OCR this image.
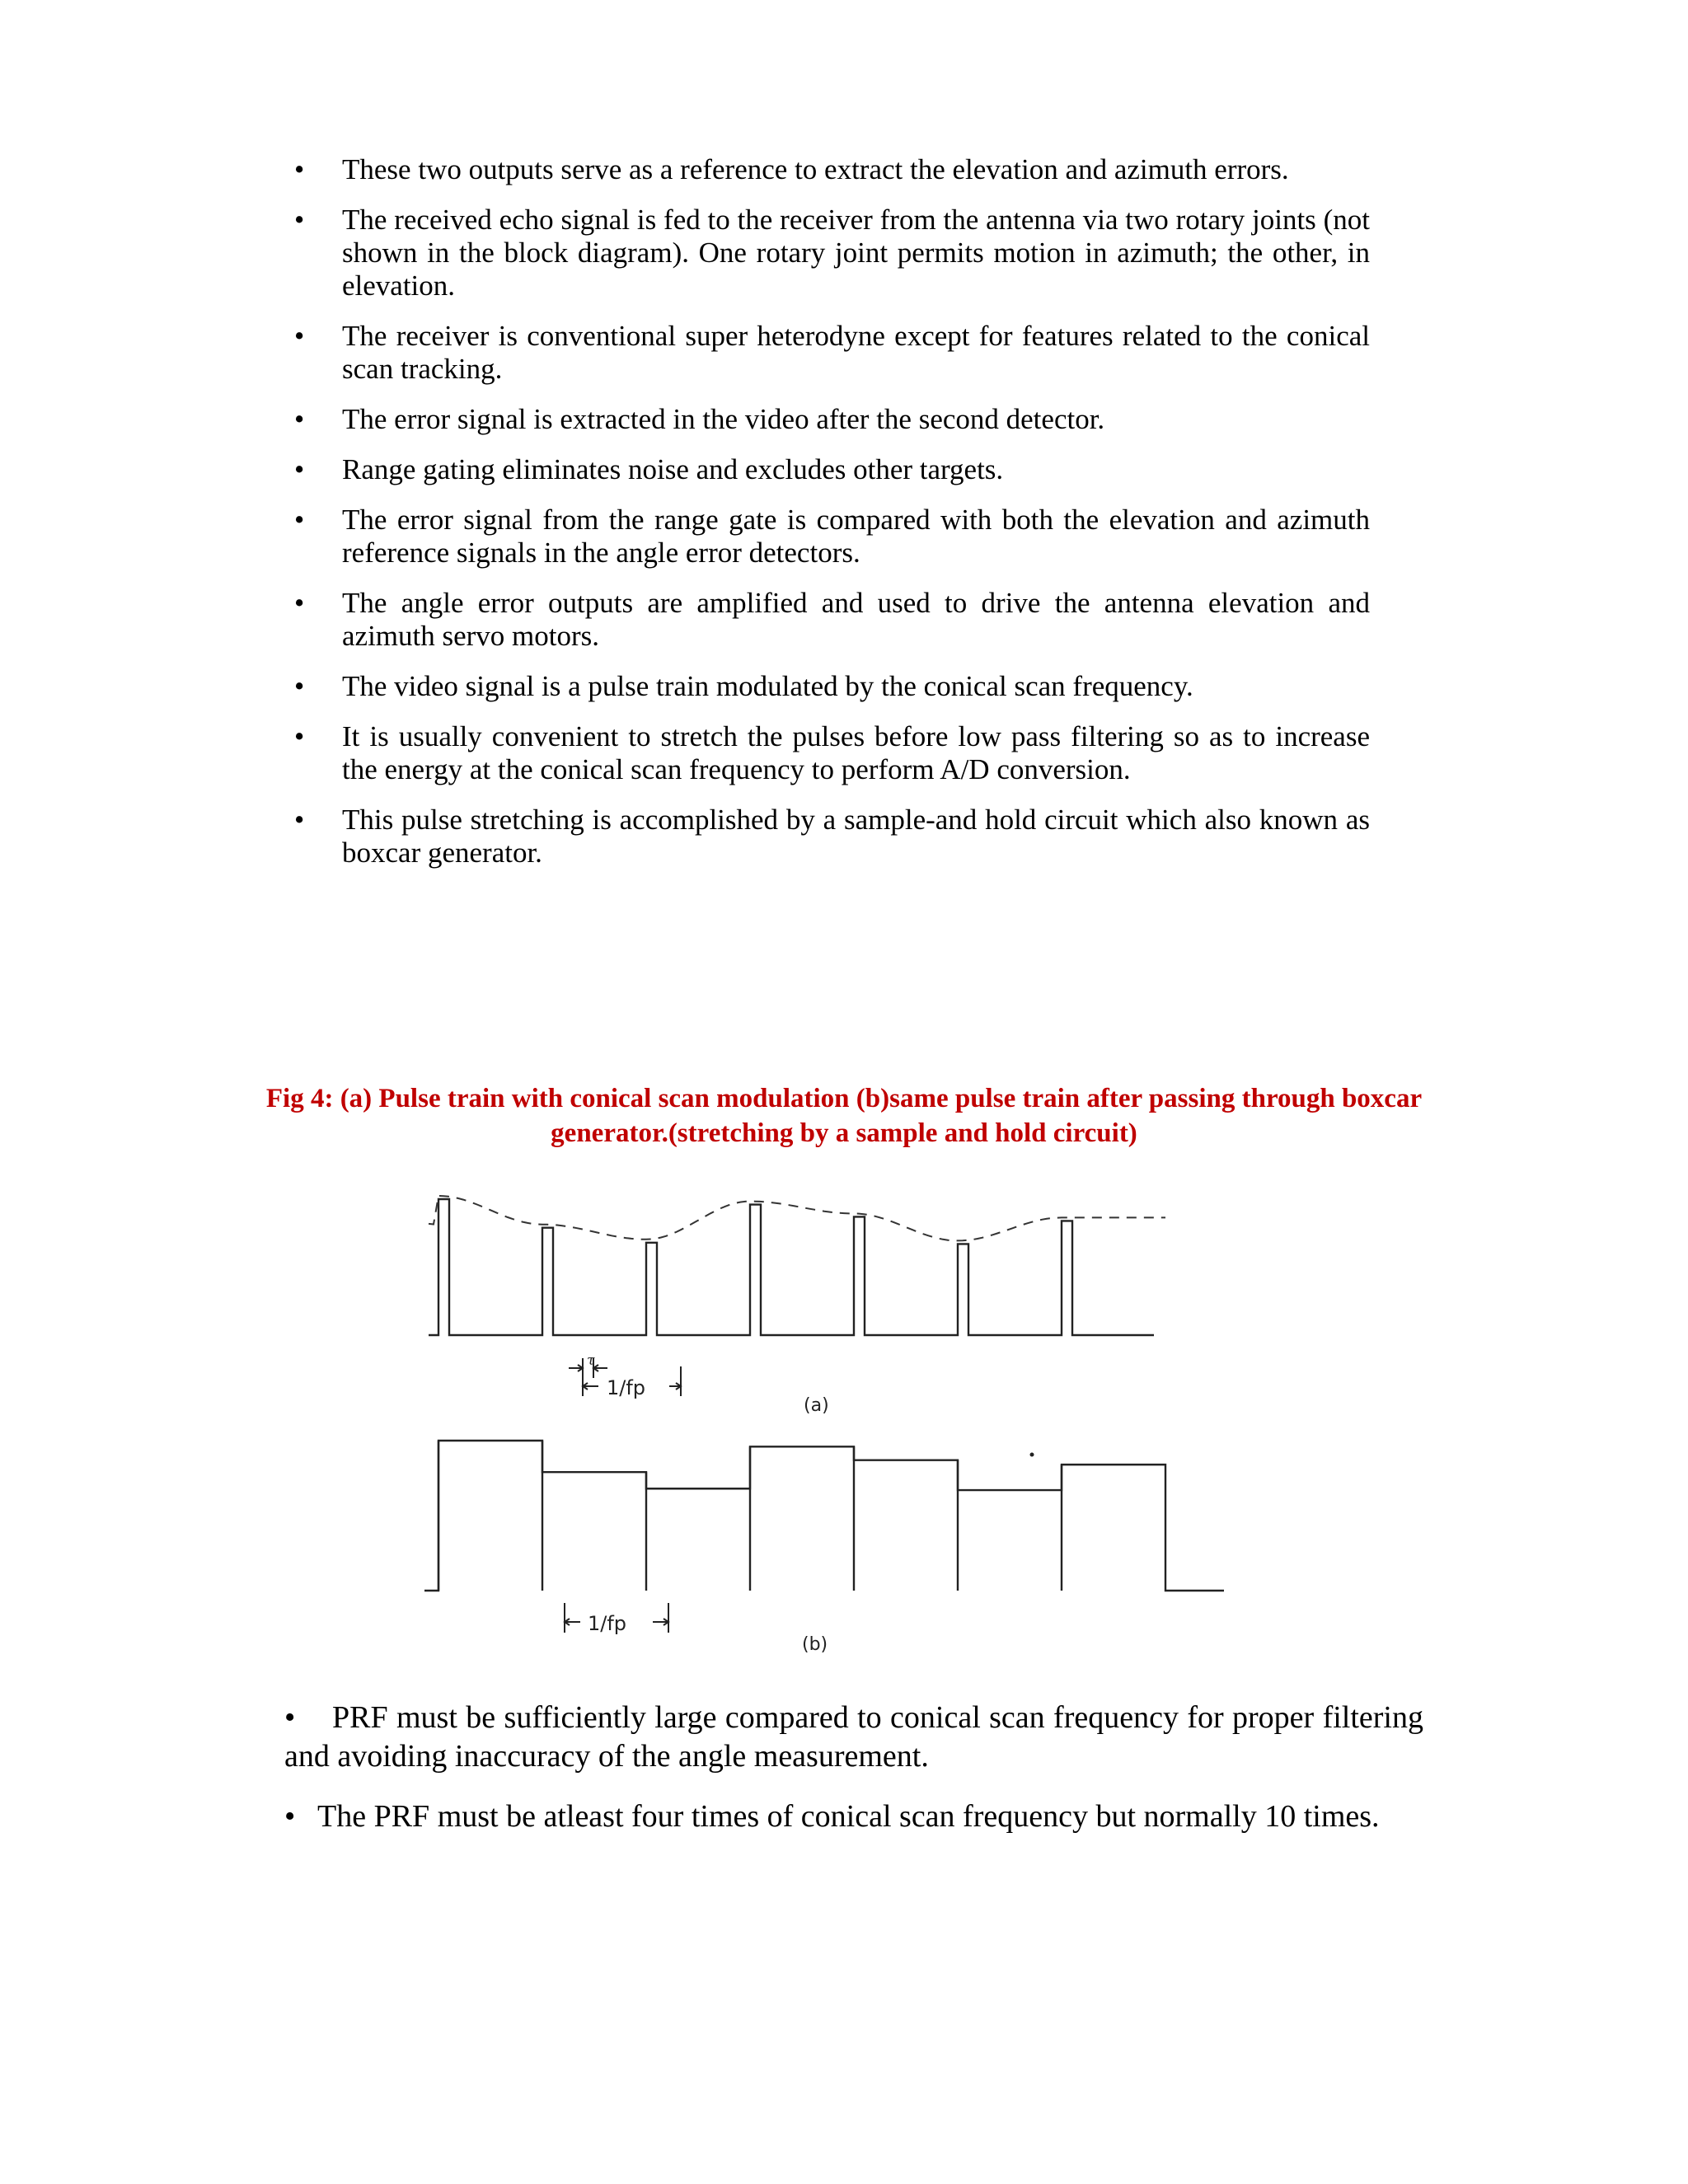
• These two outputs serve as a reference to extract the elevation and azimuth errors.
• The received echo signal is fed to the receiver from the antenna via two rotary joints (not shown in the block diagram). One rotary joint permits motion in azimuth; the other, in elevation.
• The receiver is conventional super heterodyne except for features related to the conical scan tracking.
• The error signal is extracted in the video after the second detector.
• Range gating eliminates noise and excludes other targets.
• The error signal from the range gate is compared with both the elevation and azimuth reference signals in the angle error detectors.
• The angle error outputs are amplified and used to drive the antenna elevation and azimuth servo motors.
• The video signal is a pulse train modulated by the conical scan frequency.
• It is usually convenient to stretch the pulses before low pass filtering so as to increase the energy at the conical scan frequency to perform A/D conversion.
• This pulse stretching is accomplished by a sample-and hold circuit which also known as boxcar generator.
Fig 4: (a) Pulse train with conical scan modulation (b)same pulse train after passing through boxcar generator.(stretching by a sample and hold circuit)
τ
1/fp
(a)
1/fp
(b)

• PRF must be sufficiently large compared to conical scan frequency for proper filtering and avoiding inaccuracy of the angle measurement.

• The PRF must be atleast four times of conical scan frequency but normally 10 times.
